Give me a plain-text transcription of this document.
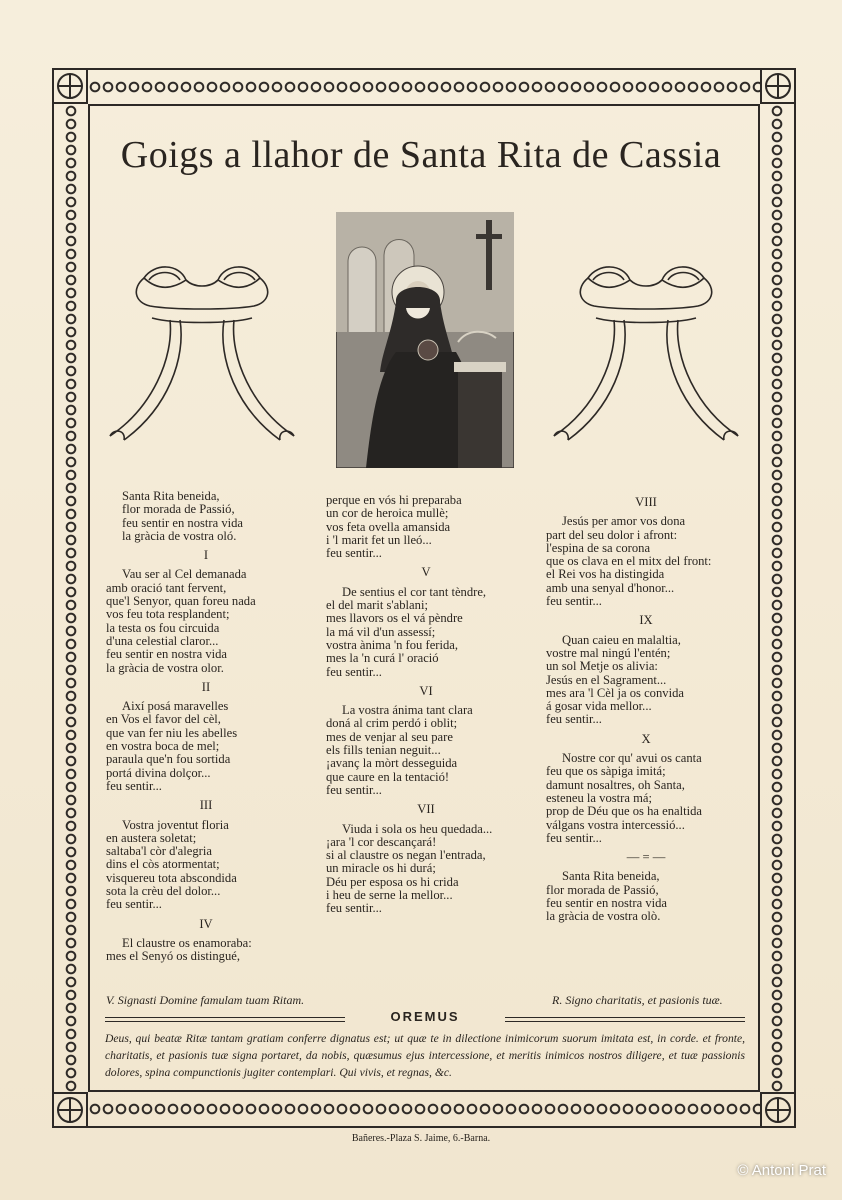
Goigs a llahor de Santa Rita de Cassia

Santa Rita beneida,

flor morada de Passió,

feu sentir en nostra vida

la gràcia de vostra oló.

I

Vau ser al Cel demanada

amb oració tant fervent,

que'l Senyor, quan foreu nada

vos feu tota resplandent;

la testa os fou circuida

d'una celestial claror...

feu sentir en nostra vida

la gràcia de vostra olor.

II

Així posá maravelles

en Vos el favor del cèl,

que van fer niu les abelles

en vostra boca de mel;

paraula que'n fou sortida

portá divina dolçor...

feu sentir...

III

Vostra joventut floria

en austera soletat;

saltaba'l còr d'alegria

dins el còs atormentat;

visquereu tota abscondida

sota la crèu del dolor...

feu sentir...

IV

El claustre os enamoraba:

mes el Senyó os distingué,

perque en vós hi preparaba

un cor de heroica mullè;

vos feta ovella amansida

i 'l marit fet un lleó...

feu sentir...

V

De sentius el cor tant tèndre,

el del marit s'ablani;

mes llavors os el vá pèndre

la má vil d'un assessí;

vostra ànima 'n fou ferida,

mes la 'n curá l' oració

feu sentir...

VI

La vostra ánima tant clara

doná al crim perdó i oblit;

mes de venjar al seu pare

els fills tenian neguit...

¡avanç la mòrt desseguida

que caure en la tentació!

feu sentir...

VII

Viuda i sola os heu quedada...

¡ara 'l cor descançará!

si al claustre os negan l'entrada,

un miracle os hi durá;

Déu per esposa os hi crida

i heu de serne la mellor...

feu sentir...

VIII

Jesús per amor vos dona

part del seu dolor i afront:

l'espina de sa corona

que os clava en el mitx del front:

el Rei vos ha distingida

amb una senyal d'honor...

feu sentir...

IX

Quan caieu en malaltia,

vostre mal ningú l'entén;

un sol Metje os alivia:

Jesús en el Sagrament...

mes ara 'l Cèl ja os convida

á gosar vida mellor...

feu sentir...

X

Nostre cor qu' avui os canta

feu que os sàpiga imitá;

damunt nosaltres, oh Santa,

esteneu la vostra má;

prop de Déu que os ha enaltida

válgans vostra intercessió...

feu sentir...

— = —

Santa Rita beneida,

flor morada de Passió,

feu sentir en nostra vida

la gràcia de vostra olò.

V. Signasti Domine famulam tuam Ritam.	R. Signo charitatis, et pasionis tuæ.
OREMUS
Deus, qui beatæ Ritæ tantam gratiam conferre dignatus est; ut quæ te in dilectione inimicorum suorum imitata est, in corde. et fronte, charitatis, et pasionis tuæ signa portaret, da nobis, quæsumus ejus intercessione, et meritis inimicos nostros diligere, et tuæ passionis dolores, spina compunctionis jugiter contemplari. Qui vivis, et regnas, &c.
Bañeres.-Plaza S. Jaime, 6.-Barna.
© Antoni Prat
